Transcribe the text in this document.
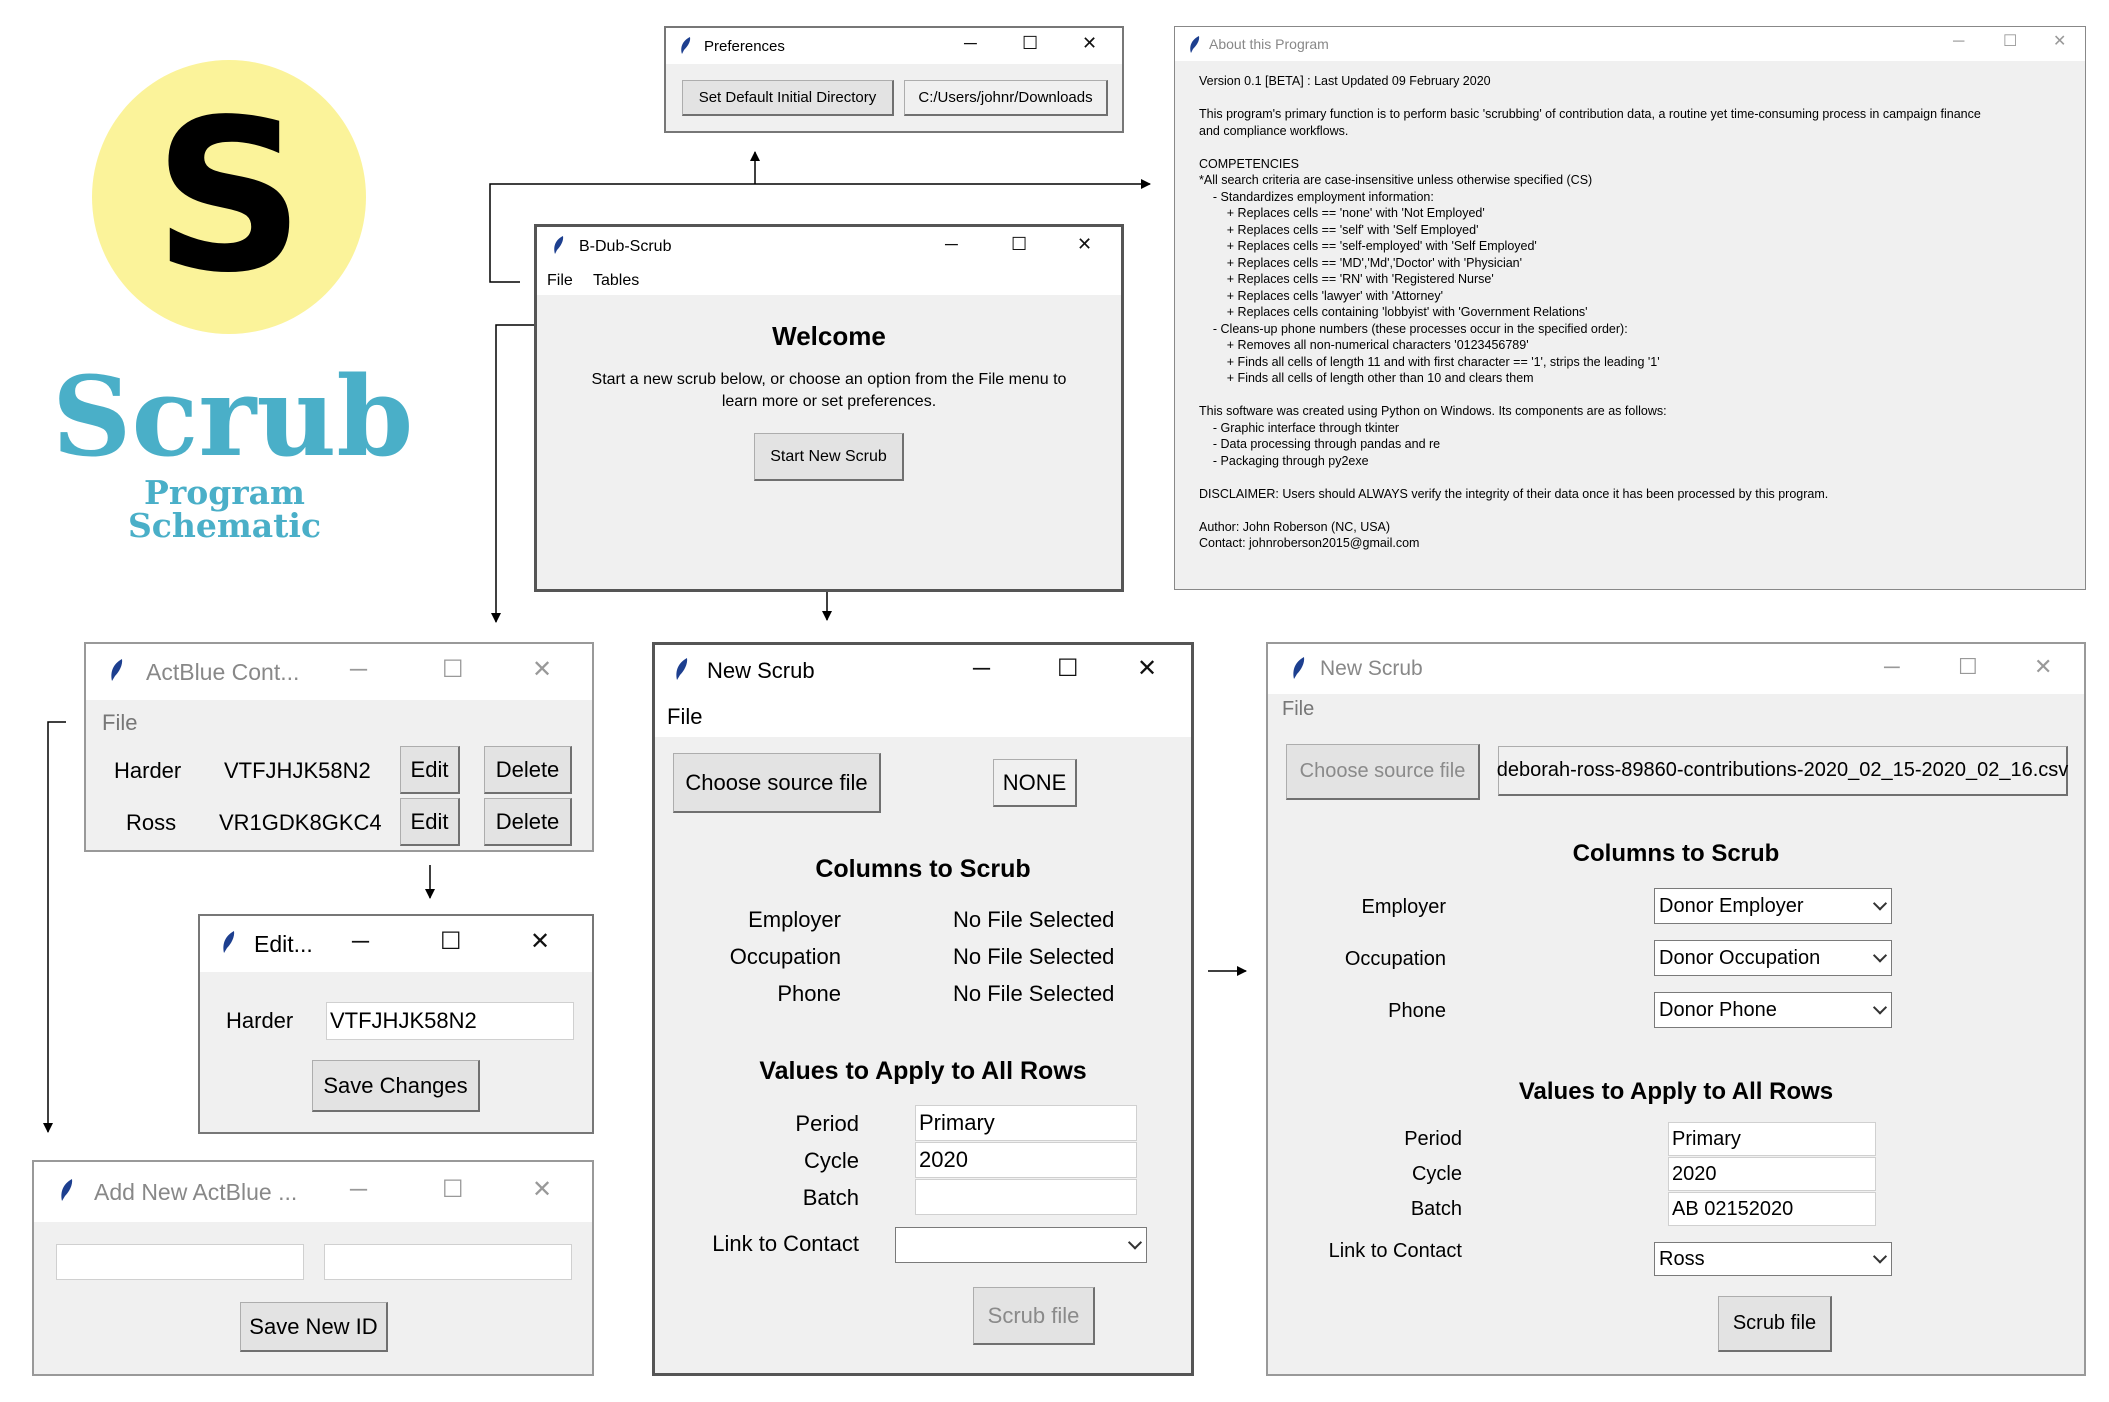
S
Scrub
Program Schematic
Preferences	─	☐ ✕
Set Default Initial Directory	C:/Users/johnr/Downloads
About this Program	─ ☐ ✕
Version 0.1 [BETA] : Last Updated 09 February 2020
This program's primary function is to perform basic 'scrubbing' of contribution data, a routine yet time-consuming process in campaign finance
and compliance workflows.
COMPETENCIES
*All search criteria are case-insensitive unless otherwise specified (CS)
- Standardizes employment information:
+ Replaces cells == 'none' with 'Not Employed'
+ Replaces cells == 'self' with 'Self Employed'
+ Replaces cells == 'self-employed' with 'Self Employed'
+ Replaces cells == 'MD','Md','Doctor' with 'Physician'
+ Replaces cells == 'RN' with 'Registered Nurse'
+ Replaces cells 'lawyer' with 'Attorney'
+ Replaces cells containing 'lobbyist' with 'Government Relations'
- Cleans-up phone numbers (these processes occur in the specified order):
+ Removes all non-numerical characters '0123456789'
+ Finds all cells of length 11 and with first character == '1', strips the leading '1'
+ Finds all cells of length other than 10 and clears them
This software was created using Python on Windows. Its components are as follows:
- Graphic interface through tkinter
- Data processing through pandas and re
- Packaging through py2exe
DISCLAIMER: Users should ALWAYS verify the integrity of their data once it has been processed by this program.
Author: John Roberson (NC, USA)
Contact: johnroberson2015@gmail.com
B-Dub-Scrub	─	☐	✕
File Tables
Welcome
Start a new scrub below, or choose an option from the File menu to
learn more or set preferences.
Start New Scrub
ActBlue Cont... ─	☐	✕
File
Harder VTFJHJK58N2	Edit	Delete
Ross VR1GDK8GKC4	Edit	Delete
Edit... ─	☐	✕
Harder VTFJHJK58N2
Save Changes
Add New ActBlue ... ─	☐	✕
Save New ID
New Scrub	─	☐ ✕
File
Choose source file	NONE
Columns to Scrub
Employer	No File Selected
Occupation	No File Selected
Phone	No File Selected
Values to Apply to All Rows
Period	Primary
Cycle	2020
Batch
Link to Contact
Scrub file
New Scrub	─	☐	✕
File
Choose source file	deborah-ross-89860-contributions-2020_02_15-2020_02_16.csv
Columns to Scrub
Employer	Donor Employer
Occupation	Donor Occupation
Phone	Donor Phone
Values to Apply to All Rows
Period	Primary
Cycle	2020
Batch	AB 02152020
Link to Contact	Ross
Scrub file
